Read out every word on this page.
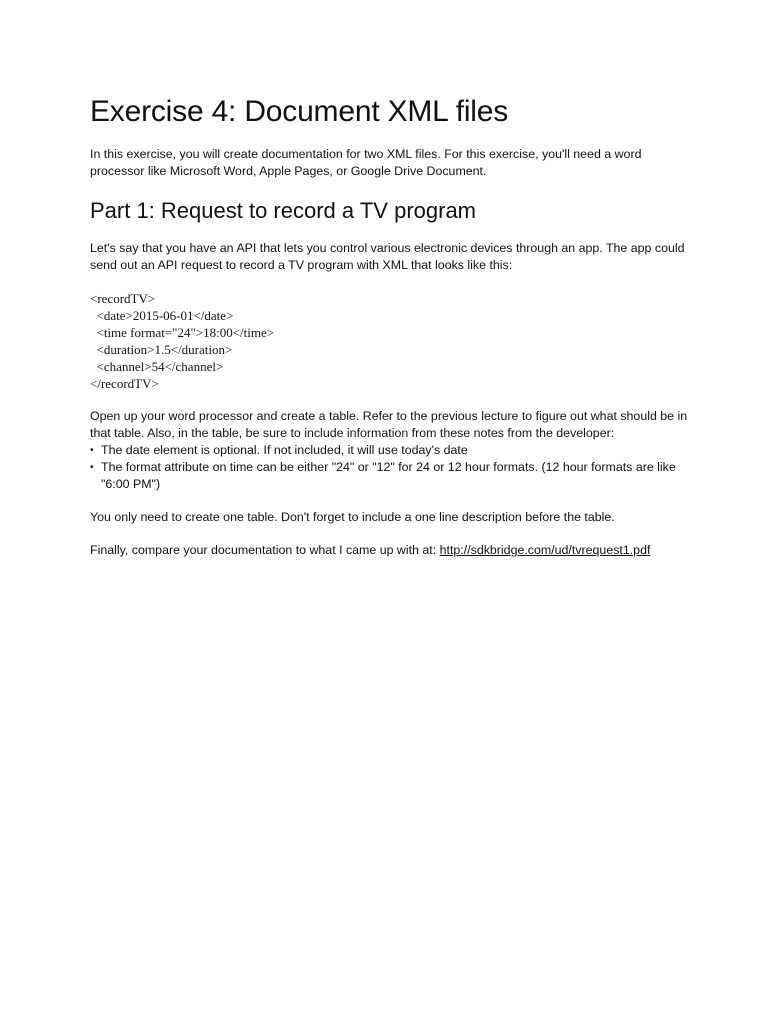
Exercise 4: Document XML files

In this exercise, you will create documentation for two XML files. For this exercise, you'll need a word processor like Microsoft Word, Apple Pages, or Google Drive Document.

Part 1: Request to record a TV program

Let's say that you have an API that lets you control various electronic devices through an app. The app could send out an API request to record a TV program with XML that looks like this:

<recordTV>
<date>2015-06-01</date>
<time format="24">18:00</time>
<duration>1.5</duration>
<channel>54</channel>
</recordTV>

Open up your word processor and create a table. Refer to the previous lecture to figure out what should be in that table. Also, in the table, be sure to include information from these notes from the developer:

• The date element is optional. If not included, it will use today's date
• The format attribute on time can be either "24" or "12" for 24 or 12 hour formats. (12 hour formats are like "6:00 PM")

You only need to create one table. Don't forget to include a one line description before the table.

Finally, compare your documentation to what I came up with at: http://sdkbridge.com/ud/tvrequest1.pdf
